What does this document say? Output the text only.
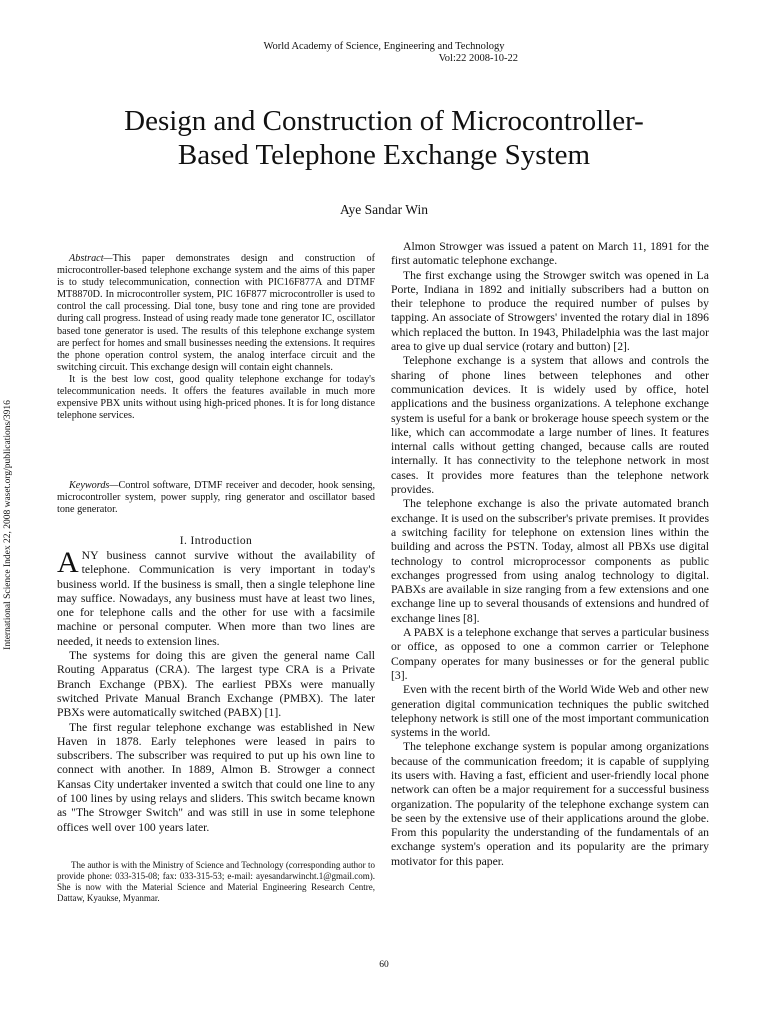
World Academy of Science, Engineering and Technology

Vol:22 2008-10-22
Design and Construction of Microcontroller-
Based Telephone Exchange System
Aye Sandar Win
International Science Index 22, 2008 waset.org/publications/3916

Abstract—This paper demonstrates design and construction of microcontroller-based telephone exchange system and the aims of this paper is to study telecommunication, connection with PIC16F877A and DTMF MT8870D. In microcontroller system, PIC 16F877 microcontroller is used to control the call processing. Dial tone, busy tone and ring tone are provided during call progress. Instead of using ready made tone generator IC, oscillator based tone generator is used. The results of this telephone exchange system are perfect for homes and small businesses needing the extensions. It requires the phone operation control system, the analog interface circuit and the switching circuit. This exchange design will contain eight channels.

It is the best low cost, good quality telephone exchange for today's telecommunication needs. It offers the features available in much more expensive PBX units without using high-priced phones. It is for long distance telephone services.

Keywords—Control software, DTMF receiver and decoder, hook sensing, microcontroller system, power supply, ring generator and oscillator based tone generator.
I. Introduction

ANY business cannot survive without the availability of telephone. Communication is very important in today's business world. If the business is small, then a single telephone line may suffice. Nowadays, any business must have at least two lines, one for telephone calls and the other for use with a facsimile machine or personal computer. When more than two lines are needed, it needs to extension lines.

The systems for doing this are given the general name Call Routing Apparatus (CRA). The largest type CRA is a Private Branch Exchange (PBX). The earliest PBXs were manually switched Private Manual Branch Exchange (PMBX). The later PBXs were automatically switched (PABX) [1].

The first regular telephone exchange was established in New Haven in 1878. Early telephones were leased in pairs to subscribers. The subscriber was required to put up his own line to connect with another. In 1889, Almon B. Strowger a connect Kansas City undertaker invented a switch that could one line to any of 100 lines by using relays and sliders. This switch became known as "The Strowger Switch" and was still in use in some telephone offices well over 100 years later.

The author is with the Ministry of Science and Technology (corresponding author to provide phone: 033-315-08; fax: 033-315-53; e-mail: ayesandarwincht.1@gmail.com). She is now with the Material Science and Material Engineering Research Centre, Dattaw, Kyaukse, Myanmar.

Almon Strowger was issued a patent on March 11, 1891 for the first automatic telephone exchange.

The first exchange using the Strowger switch was opened in La Porte, Indiana in 1892 and initially subscribers had a button on their telephone to produce the required number of pulses by tapping. An associate of Strowgers' invented the rotary dial in 1896 which replaced the button. In 1943, Philadelphia was the last major area to give up dual service (rotary and button) [2].

Telephone exchange is a system that allows and controls the sharing of phone lines between telephones and other communication devices. It is widely used by office, hotel applications and the business organizations. A telephone exchange system is useful for a bank or brokerage house speech system or the like, which can accommodate a large number of lines. It features internal calls without getting changed, because calls are routed internally. It has connectivity to the telephone network in most cases. It provides more features than the telephone network provides.

The telephone exchange is also the private automated branch exchange. It is used on the subscriber's private premises. It provides a switching facility for telephone on extension lines within the building and across the PSTN. Today, almost all PBXs use digital technology to control microprocessor components as public exchanges progressed from using analog technology to digital. PABXs are available in size ranging from a few extensions and one exchange line up to several thousands of extensions and hundred of exchange lines [8].

A PABX is a telephone exchange that serves a particular business or office, as opposed to one a common carrier or Telephone Company operates for many businesses or for the general public [3].

Even with the recent birth of the World Wide Web and other new generation digital communication techniques the public switched telephony network is still one of the most important communication systems in the world.

The telephone exchange system is popular among organizations because of the communication freedom; it is capable of supplying its users with. Having a fast, efficient and user-friendly local phone network can often be a major requirement for a successful business organization. The popularity of the telephone exchange system can be seen by the extensive use of their applications around the globe. From this popularity the understanding of the fundamentals of an exchange system's operation and its popularity are the primary motivator for this paper.

60
